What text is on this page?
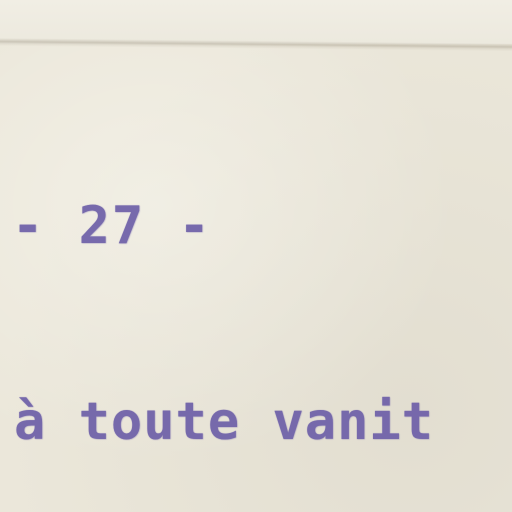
- 27 -
à toute vanit
